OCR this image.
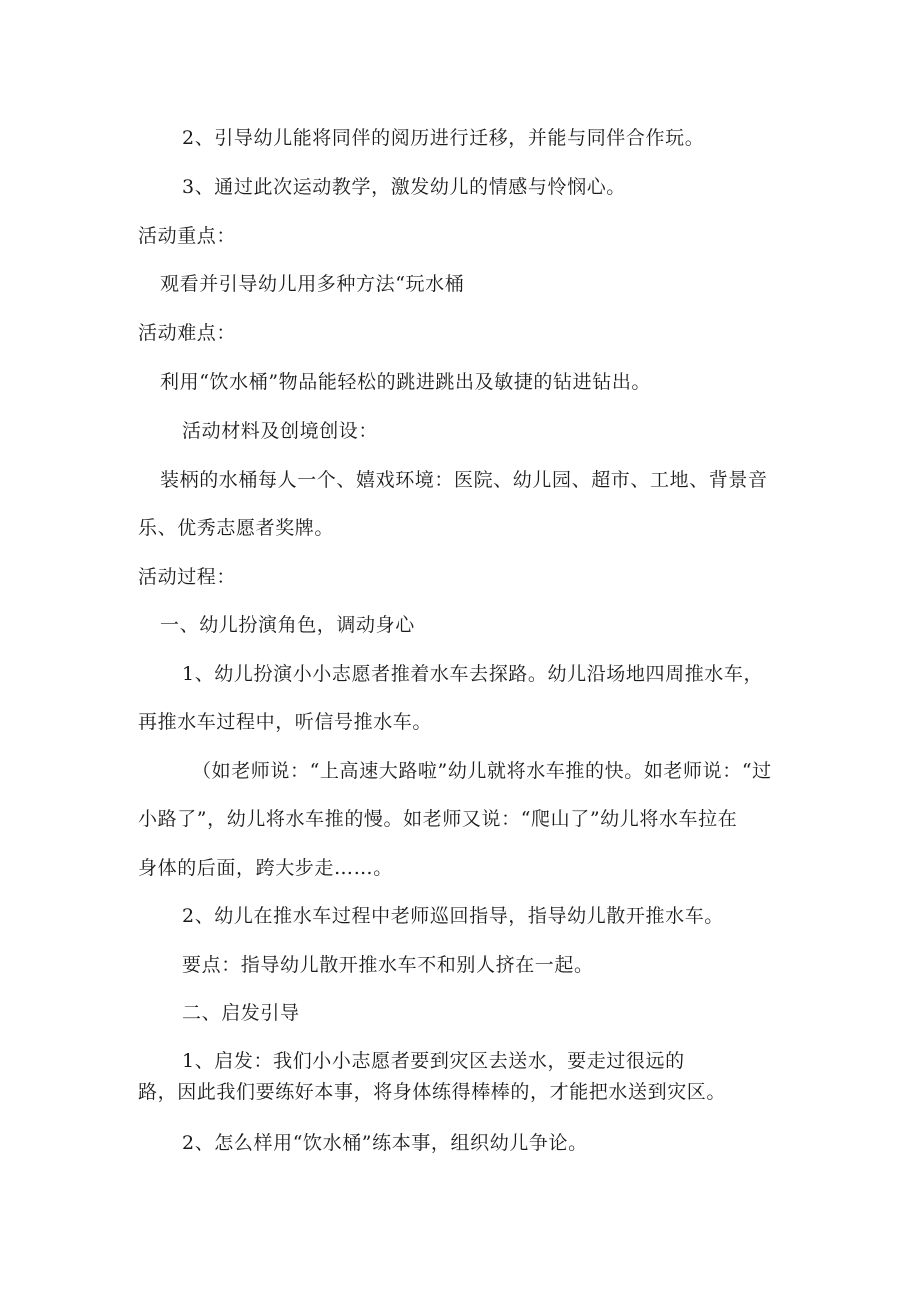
2、引导幼儿能将同伴的阅历进行迁移，并能与同伴合作玩。
3、通过此次运动教学，激发幼儿的情感与怜悯心。
活动重点：
观看并引导幼儿用多种方法“玩水桶
活动难点：
利用“饮水桶”物品能轻松的跳进跳出及敏捷的钻进钻出。
活动材料及创境创设：
装柄的水桶每人一个、嬉戏环境：医院、幼儿园、超市、工地、背景音
乐、优秀志愿者奖牌。
活动过程：
一、幼儿扮演角色，调动身心
1、幼儿扮演小小志愿者推着水车去探路。幼儿沿场地四周推水车，
再推水车过程中，听信号推水车。
（如老师说：“上高速大路啦”幼儿就将水车推的快。如老师说：“过
小路了”，幼儿将水车推的慢。如老师又说：“爬山了”幼儿将水车拉在
身体的后面，跨大步走……。
2、幼儿在推水车过程中老师巡回指导，指导幼儿散开推水车。
要点：指导幼儿散开推水车不和别人挤在一起。
二、启发引导
1、启发：我们小小志愿者要到灾区去送水，要走过很远的
路，因此我们要练好本事，将身体练得棒棒的，才能把水送到灾区。
2、怎么样用“饮水桶”练本事，组织幼儿争论。
